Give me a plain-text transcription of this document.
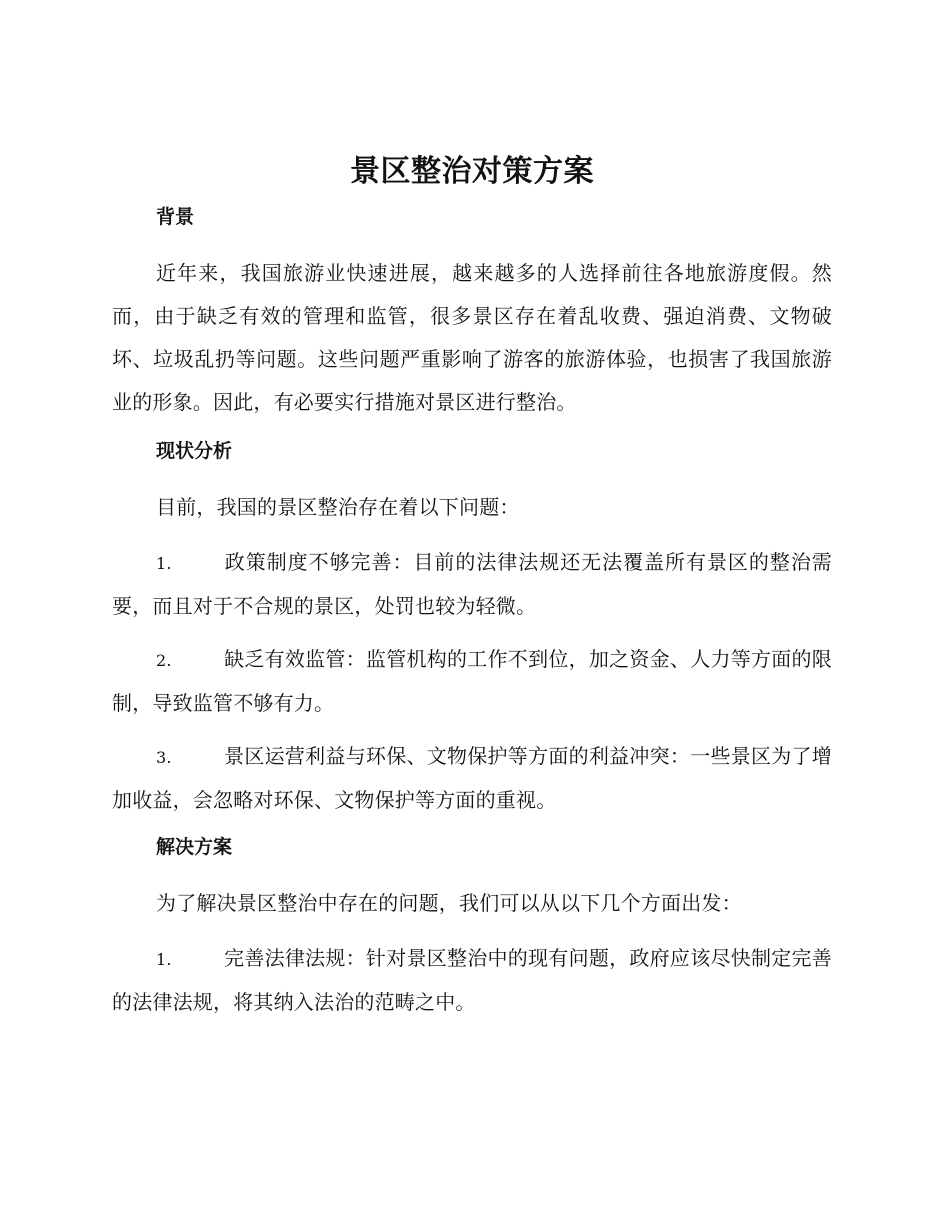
景区整治对策方案
背景

近年来，我国旅游业快速进展，越来越多的人选择前往各地旅游度假。然而，由于缺乏有效的管理和监管，很多景区存在着乱收费、强迫消费、文物破坏、垃圾乱扔等问题。这些问题严重影响了游客的旅游体验，也损害了我国旅游业的形象。因此，有必要实行措施对景区进行整治。

现状分析

目前，我国的景区整治存在着以下问题：

1.	政策制度不够完善：目前的法律法规还无法覆盖所有景区的整治需要，而且对于不合规的景区，处罚也较为轻微。

2.	缺乏有效监管：监管机构的工作不到位，加之资金、人力等方面的限制，导致监管不够有力。

3.	景区运营利益与环保、文物保护等方面的利益冲突：一些景区为了增加收益，会忽略对环保、文物保护等方面的重视。

解决方案

为了解决景区整治中存在的问题，我们可以从以下几个方面出发：

1.	完善法律法规：针对景区整治中的现有问题，政府应该尽快制定完善的法律法规，将其纳入法治的范畴之中。
